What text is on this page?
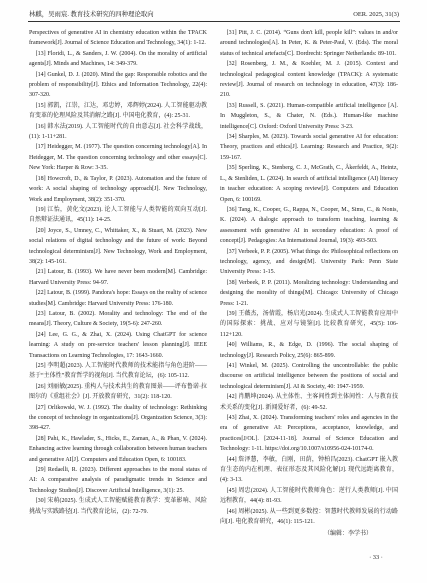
林麒，吴雨宸. 教育技术研究的四种理论取向	OER. 2025, 31(3)

Perspectives of generative AI in chemistry education within the TPACK framework[J]. Journal of Science Education and Technology, 34(1): 1-12.

[13] Floridi, L., & Sanders, J. W. (2004). On the morality of artificial agents[J]. Minds and Machines, 14: 349-379.

[14] Gunkel, D. J. (2020). Mind the gap: Responsible robotics and the problem of responsibility[J]. Ethics and Information Technology, 22(4): 307-320.

[15] 郭凯，江崇，江达，邓忠婷，邓辉婷(2024). 人工智能驱动教育变革的伦理风险及其消解之路[J]. 中国电化教育，(4): 25-31.

[16] 韩水法(2019). 人工智能时代的自由意志[J]. 社会科学战线，(11): 1-11+281.

[17] Heidegger, M. (1977). The question concerning technology[A]. In Heidegger, M. The question concerning technology and other essays[C]. New York: Harper & Row: 3-35.

[18] Howcroft, D., & Taylor, P. (2023). Automation and the future of work: A social shaping of technology approach[J]. New Technology, Work and Employment, 38(2): 351-370.

[19] 江怡，黄化文(2023). 论人工智能与人类智能的双向互动[J]. 自然辩证法通讯，45(11): 14-25.

[20] Joyce, S., Umney, C., Whittaker, X., & Stuart, M. (2023). New social relations of digital technology and the future of work: Beyond technological determinism[J]. New Technology, Work and Employment, 38(2): 145-161.

[21] Latour, B. (1993). We have never been modern[M]. Cambridge: Harvard University Press: 94-97.

[22] Latour, B. (1999). Pandora's hope: Essays on the reality of science studies[M]. Cambridge: Harvard University Press: 176-180.

[23] Latour, B. (2002). Morality and technology: The end of the means[J]. Theory, Culture & Society, 19(5-6): 247-260.

[24] Lee, G. G., & Zhai, X. (2024). Using ChatGPT for science learning: A study on pre-service teachers' lesson planning[J]. IEEE Transactions on Learning Technologies, 17: 1643-1660.

[25] 李明超(2023). 人工智能时代教师的技术能指与角色进阶——基于“主体性”教育哲学的视角[J]. 当代教育论坛，(6): 105-112.

[26] 刘丽敏(2025). 重构人与技术共生的教育图景——评布鲁诺·拉图尔的《重组社会》[J]. 开放教育研究，31(2): 118-120.

[27] Orlikowski, W. J. (1992). The duality of technology: Rethinking the concept of technology in organizations[J]. Organization Science, 3(3): 398-427.

[28] Pahi, K., Hawlader, S., Hicks, E., Zaman, A., & Phan, V. (2024). Enhancing active learning through collaboration between human teachers and generative AI[J]. Computers and Education Open, 6: 100183.

[29] Redaelli, R. (2023). Different approaches to the moral status of AI: A comparative analysis of paradigmatic trends in Science and Technology Studies[J]. Discover Artificial Intelligence, 3(1): 25.

[30] 宋萌(2025). 生成式人工智能赋能教育教学：变革影响、风险挑战与实践路径[J]. 当代教育论坛，(2): 72-79.

[31] Pitt, J. C. (2014). “Guns don't kill, people kill”: values in and/or around technologies[A]. In Peter, K. & Peter-Paul, V. (Eds). The moral status of technical artefacts[C]. Dordrecht: Springer Netherlands: 89-101.

[32] Rosenberg, J. M., & Koehler, M. J. (2015). Context and technological pedagogical content knowledge (TPACK): A systematic review[J]. Journal of research on technology in education, 47(3): 186-210.

[33] Russell, S. (2021). Human-compatible artificial intelligence [A]. In Muggleton, S., & Chater, N. (Eds.). Human-like machine intelligence[C]. Oxford: Oxford University Press: 3-23.

[34] Sharples, M. (2023). Towards social generative AI for education: Theory, practices and ethics[J]. Learning: Research and Practice, 9(2): 159-167.

[35] Sperling, K., Stenberg, C. J., McGrath, C., Åkerfeldt, A., Heintz, L., & Stenliden, L. (2024). In search of artificial intelligence (AI) literacy in teacher education: A scoping review[J]. Computers and Education Open, 6: 100169.

[36] Tang, K., Cooper, G., Rappa, N., Cooper, M., Sims, C., & Nonis, K. (2024). A dialogic approach to transform teaching, learning & assessment with generative AI in secondary education: A proof of concept[J]. Pedagogies: An International Journal, 19(3): 493-503.

[37] Verbeek, P. P. (2005). What things do: Philosophical reflections on technology, agency, and design[M]. University Park: Penn State University Press: 1-15.

[38] Verbeek, P. P. (2011). Moralizing technology: Understanding and designing the morality of things[M]. Chicago: University of Chicago Press: 1-21.

[39] 王薇杰，汤倩霞，杨启光(2024). 生成式人工智能教育应用中的国际探索：挑战、应对与镜鉴[J]. 比较教育研究，45(5): 106-112+120.

[40] Williams, R., & Edge, D. (1996). The social shaping of technology[J]. Research Policy, 25(6): 865-899.

[41] Winkel, M. (2025). Controlling the uncontrollable: the public discourse on artificial intelligence between the positions of social and technological determinism[J]. AI & Society, 40: 1947-1959.

[42] 肖鹏坤(2024). 从主体性、主客间性到主体间性：人与教育技术关系的变化[J]. 新闻爱好者，(6): 49-52.

[43] Zhai, X. (2024). Transforming teachers' roles and agencies in the era of generative AI: Perceptions, acceptance, knowledge, and practices[J/OL]. [2024-11-18]. Journal of Science Education and Technology: 1-11. https://doi.org/10.1007/s10956-024-10174-0.

[44] 詹泽慧，李敏，白刚，田荫，钟柏昌(2023). ChatGPT 嵌入教育生态的内在机理、表征形态及其风险化解[J]. 现代远距离教育，(4): 3-13.

[45] 周忠(2024). 人工智能时代教师角色：逆行人类教师[J]. 中国远程教育，44(4): 81-93.

[46] 周彬(2025). 从一些到更多数控：智慧时代教师发展的行动路向[J]. 电化教育研究，46(1): 115-121.

（编辑：李学书）

· 33 ·
